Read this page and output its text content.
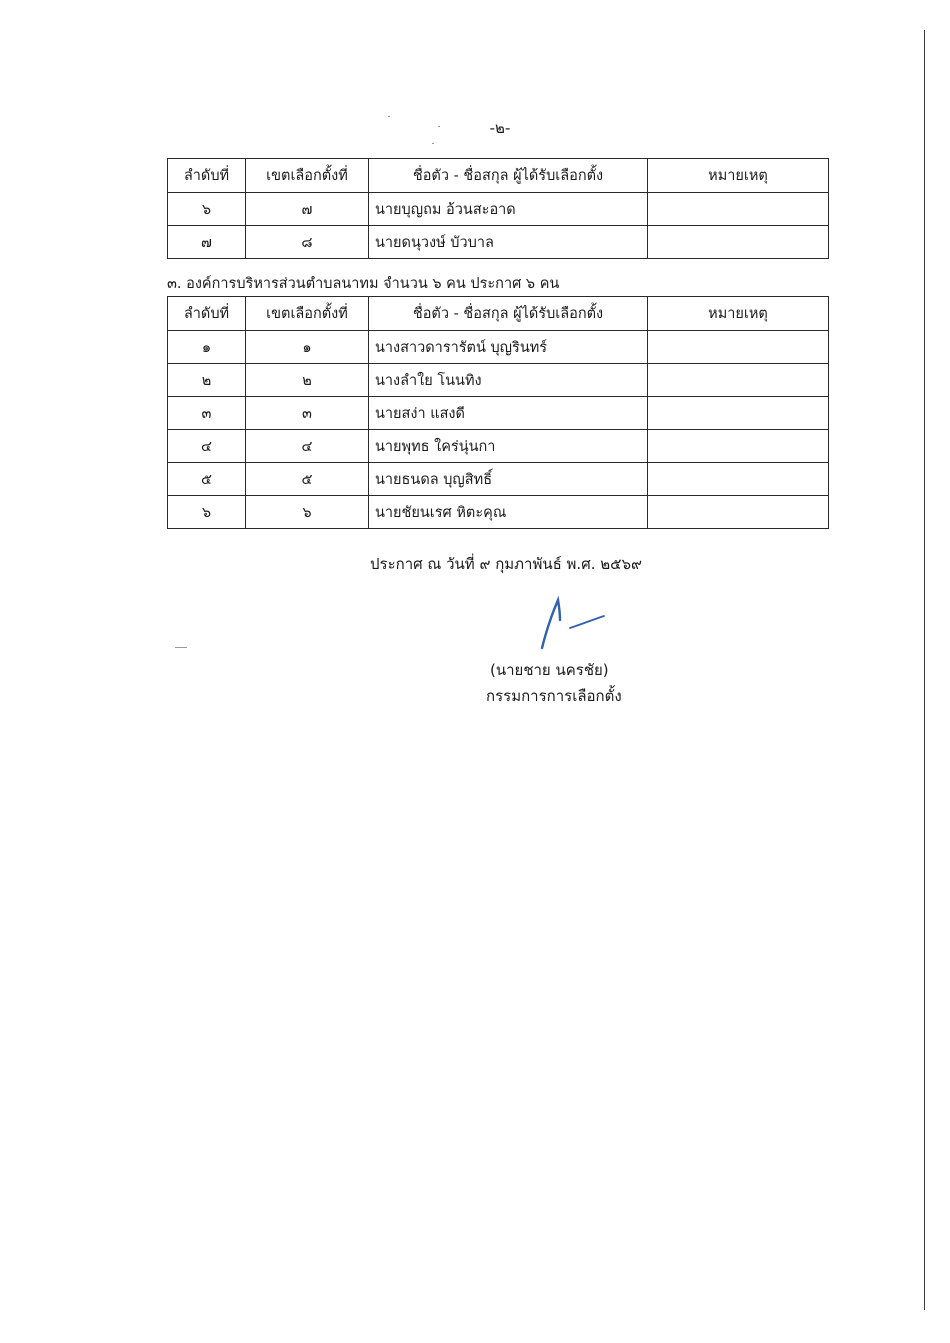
-๒-
ลำดับที่	เขตเลือกตั้งที่	ชื่อตัว - ชื่อสกุล ผู้ได้รับเลือกตั้ง	หมายเหตุ
๖	๗	นายบุญถม อ้วนสะอาด	
๗	๘	นายดนุวงษ์ บัวบาล	
๓. องค์การบริหารส่วนตำบลนาทม จำนวน ๖ คน ประกาศ ๖ คน
ลำดับที่	เขตเลือกตั้งที่	ชื่อตัว - ชื่อสกุล ผู้ได้รับเลือกตั้ง	หมายเหตุ
๑	๑	นางสาวดารารัตน์ บุญรินทร์	
๒	๒	นางลำใย โนนทิง	
๓	๓	นายสง่า แสงดี	
๔	๔	นายพุทธ ใคร่นุ่นกา	
๕	๕	นายธนดล บุญสิทธิ์	
๖	๖	นายชัยนเรศ หิตะคุณ	
ประกาศ ณ วันที่ ๙ กุมภาพันธ์ พ.ศ. ๒๕๖๙
(นายชาย นครชัย)
กรรมการการเลือกตั้ง
